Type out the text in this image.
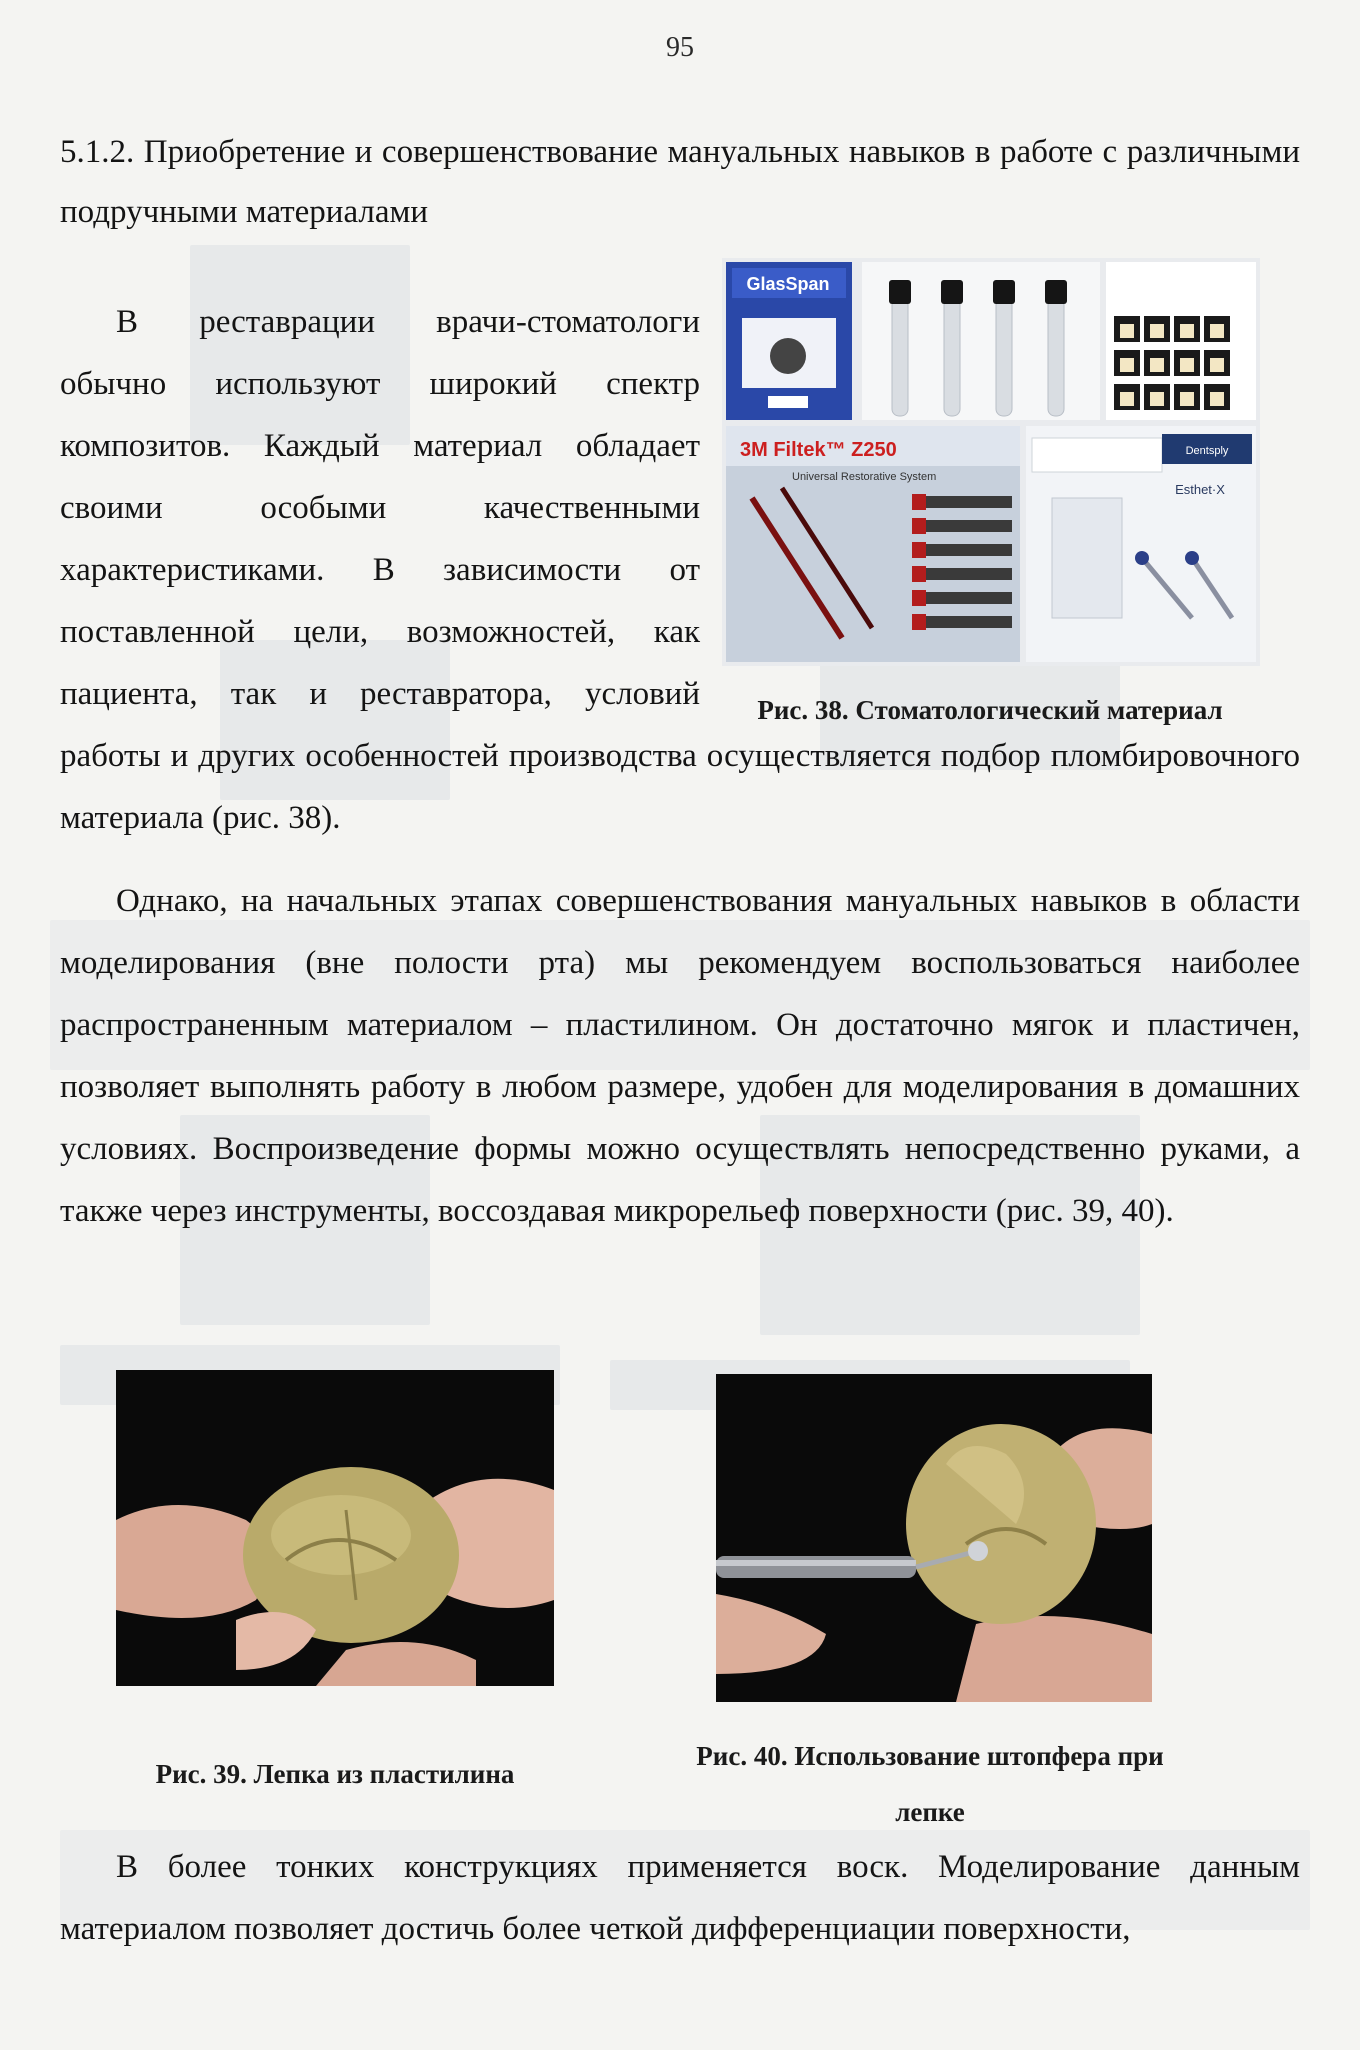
95
5.1.2. Приобретение и совершенствование мануальных навыков в работе с различными подручными материалами
GlasSpan
3M Filtek™ Z250
Universal Restorative System
Dentsply
Esthet·X

В реставрации врачи-стоматологи обычно используют широкий спектр композитов. Каждый материал обладает своими особыми качественными характеристиками. В зависимости от поставленной цели, возможностей, как пациента, так и реставратора, условий работы и других особенностей производства осуществляется подбор пломбировочного материала (рис. 38).

Рис. 38. Стоматологический материал

Однако, на начальных этапах совершенствования мануальных навыков в области моделирования (вне полости рта) мы рекомендуем воспользоваться наиболее распространенным материалом – пластилином. Он достаточно мягок и пластичен, позволяет выполнять работу в любом размере, удобен для моделирования в домашних условиях. Воспроизведение формы можно осуществлять непосредственно руками, а также через инструменты, воссоздавая микрорельеф поверхности (рис. 39, 40).

Рис. 39. Лепка из пластилина
Рис. 40. Использование штопфера при
лепке

В более тонких конструкциях применяется воск. Моделирование данным материалом позволяет достичь более четкой дифференциации поверхности,
